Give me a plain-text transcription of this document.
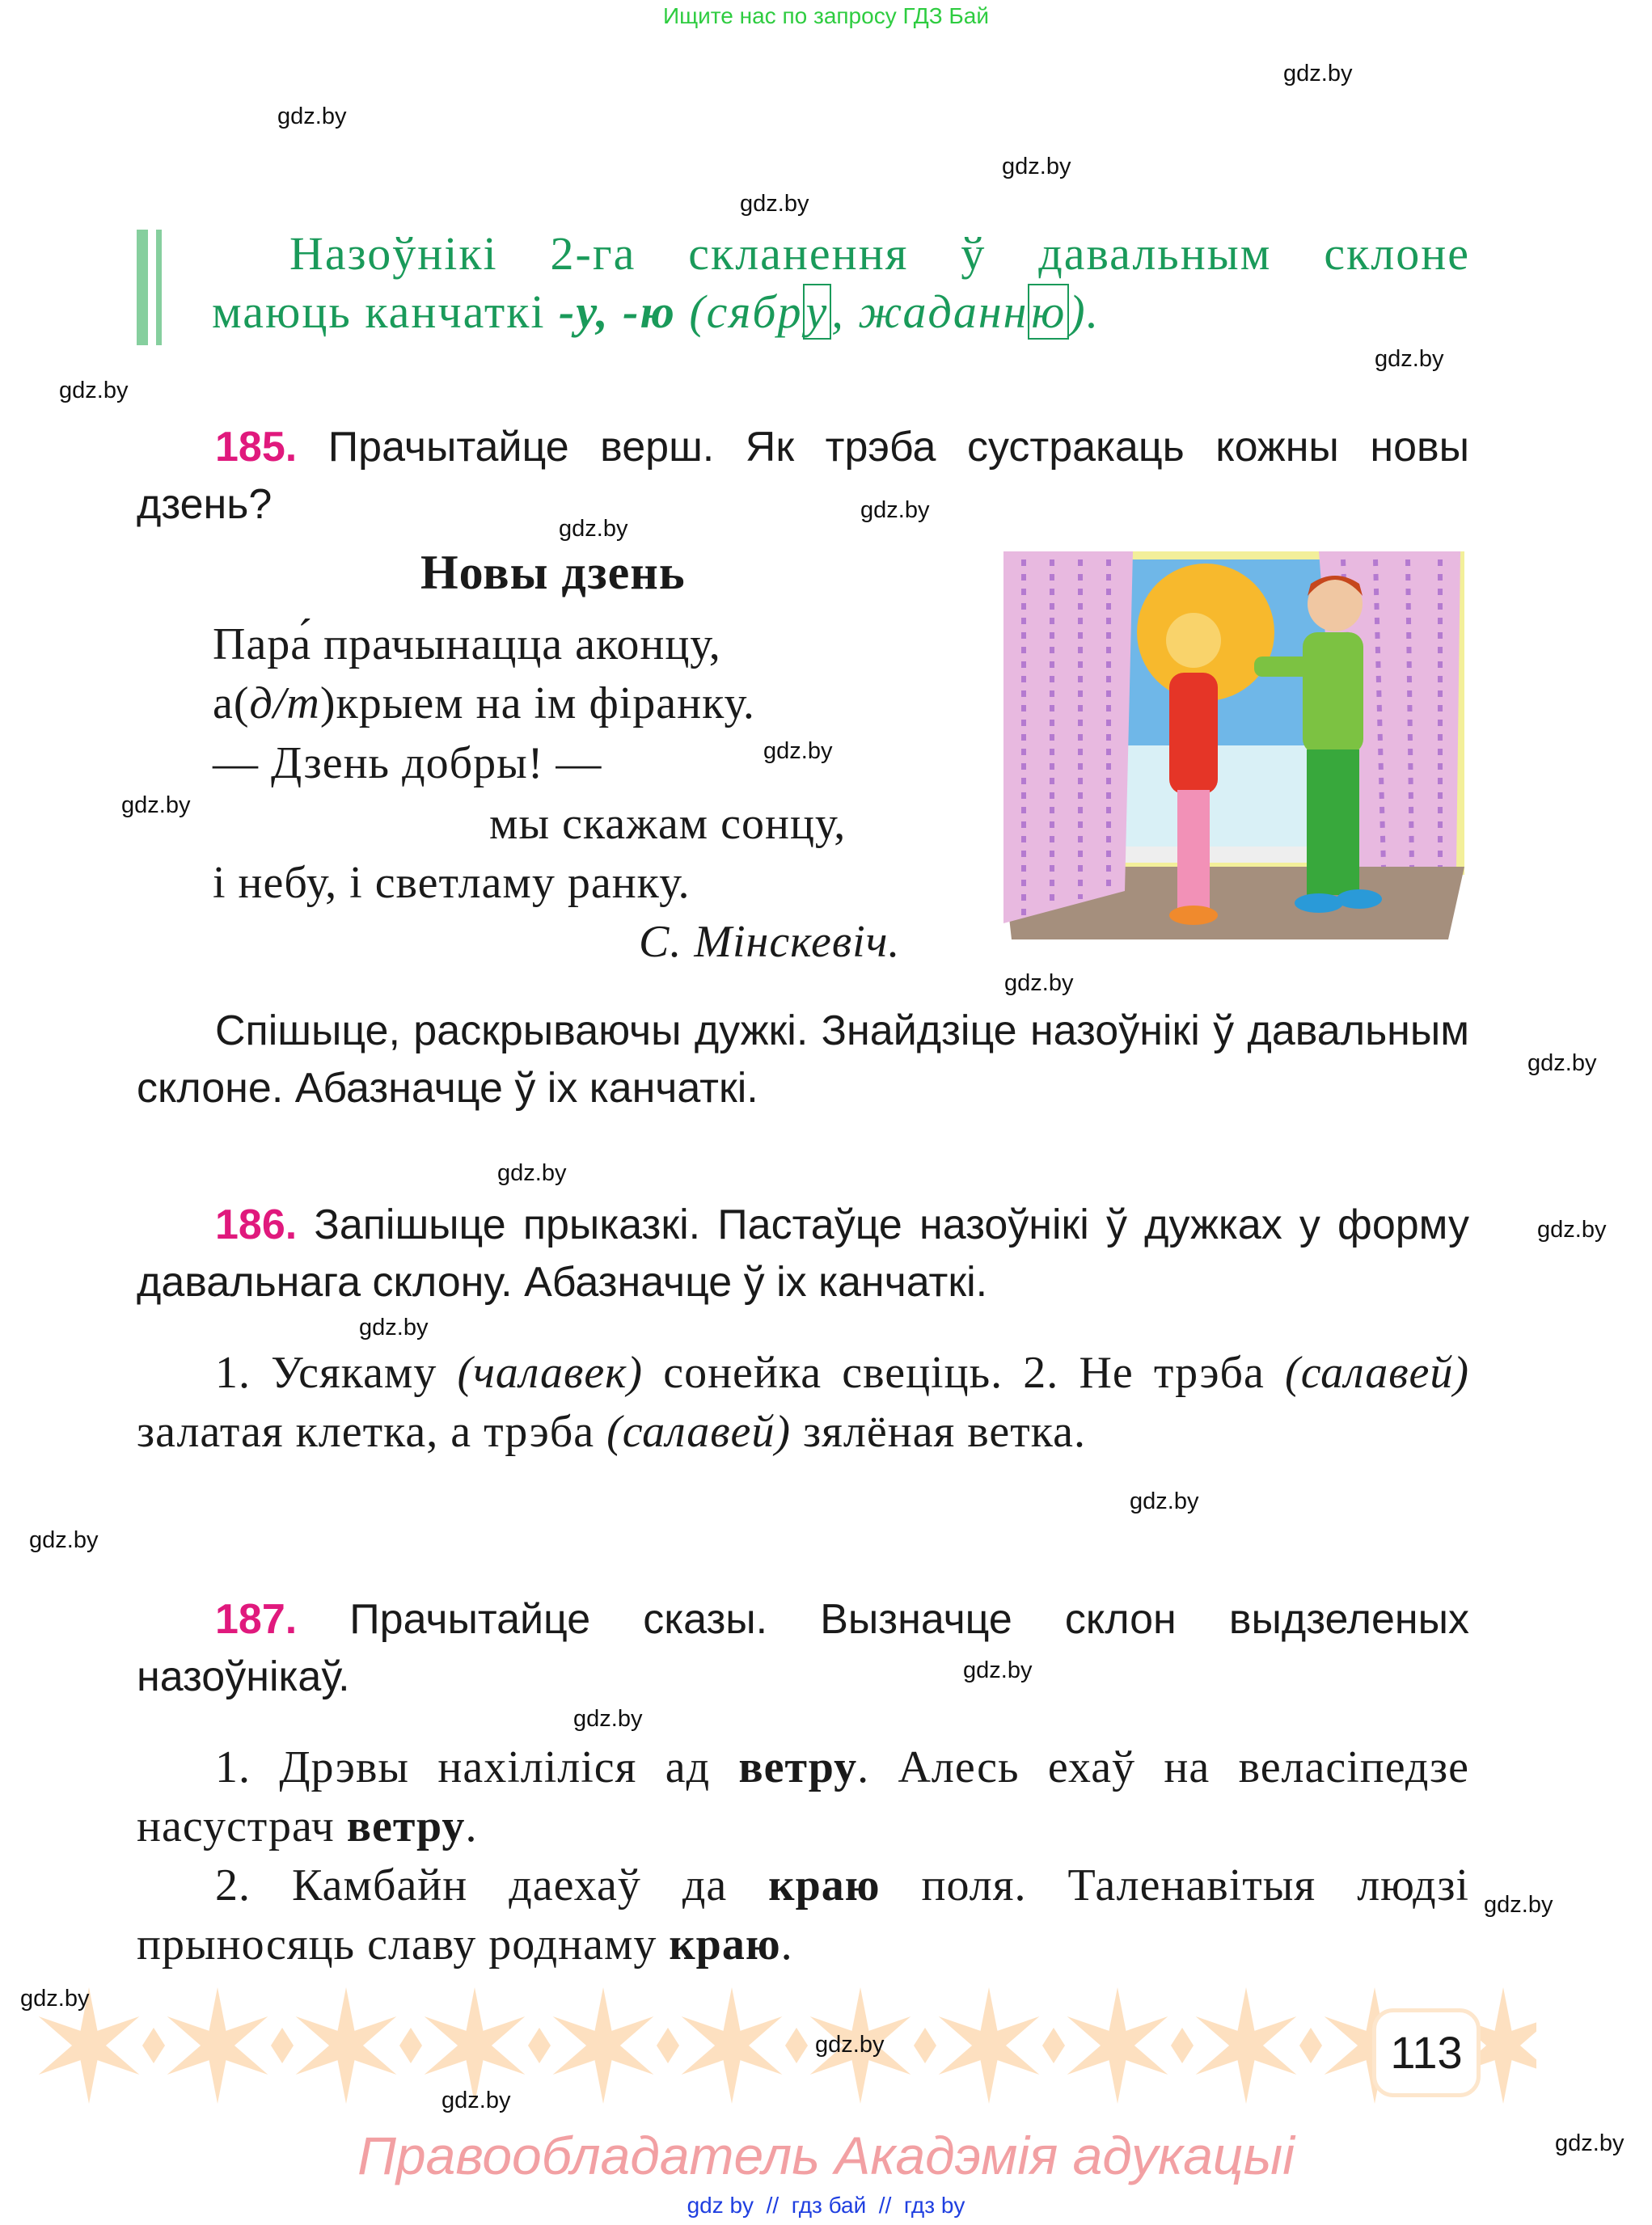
Ищите нас по запросу ГДЗ Бай
Назоўнікі 2-га скланення ў давальным склоне
маюць канчаткі -у, -ю (сябру, жаданню).
185. Прачытайце верш. Як трэба сустракаць кожны новы дзень?
Новы дзень
Пара́ прачынацца аконцу,
а(д/т)крыем на ім фіранку.
— Дзень добры! —
мы скажам сонцу,
і небу, і светламу ранку.
С. Мінскевіч.
Спішыце, раскрываючы дужкі. Знайдзіце назоўнікі ў давальным склоне. Абазначце ў іх канчаткі.
186. Запішыце прыказкі. Пастаўце назоўнікі ў дужках у форму давальнага склону. Абазначце ў іх канчаткі.
1. Усякаму (чалавек) сонейка свеціць. 2. Не трэба (салавей) залатая клетка, а трэба (салавей) зялёная ветка.
187. Прачытайце сказы. Вызначце склон выдзеленых назоўнікаў.
1. Дрэвы нахіліліся ад ветру. Алесь ехаў на веласіпедзе насустрач ветру.
2. Камбайн даехаў да краю поля. Таленавітыя людзі прыносяць славу роднаму краю.
113
Правообладатель Акадэмія адукацыі
gdz by  //  гдз бай  //  гдз by
gdz.by
gdz.by
gdz.by
gdz.by
gdz.by
gdz.by
gdz.by
gdz.by
gdz.by
gdz.by
gdz.by
gdz.by
gdz.by
gdz.by
gdz.by
gdz.by
gdz.by
gdz.by
gdz.by
gdz.by
gdz.by
gdz.by
gdz.by
gdz.by
